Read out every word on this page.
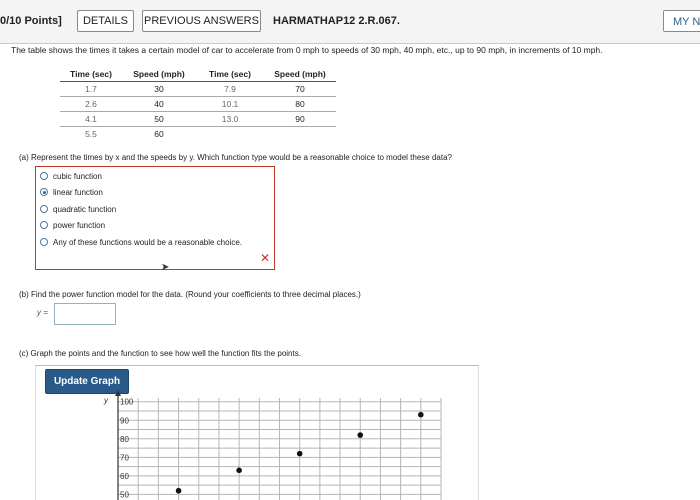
0/10 Points]	DETAILS	PREVIOUS ANSWERS HARMATHAP12 2.R.067.	MY N
The table shows the times it takes a certain model of car to accelerate from 0 mph to speeds of 30 mph, 40 mph, etc., up to 90 mph, in increments of 10 mph.
Time (sec)	Speed (mph)	Time (sec)	Speed (mph)
1.7	30	7.9	70
2.6	40	10.1	80
4.1	50	13.0	90
5.5	60		
(a) Represent the times by x and the speeds by y. Which function type would be a reasonable choice to model these data?
cubic function
linear function
quadratic function
power function
Any of these functions would be a reasonable choice.
✕
➤
(b) Find the power function model for the data. (Round your coefficients to three decimal places.)
y =
(c) Graph the points and the function to see how well the function fits the points.
Update Graph
y 100
90
80
70
60
50
